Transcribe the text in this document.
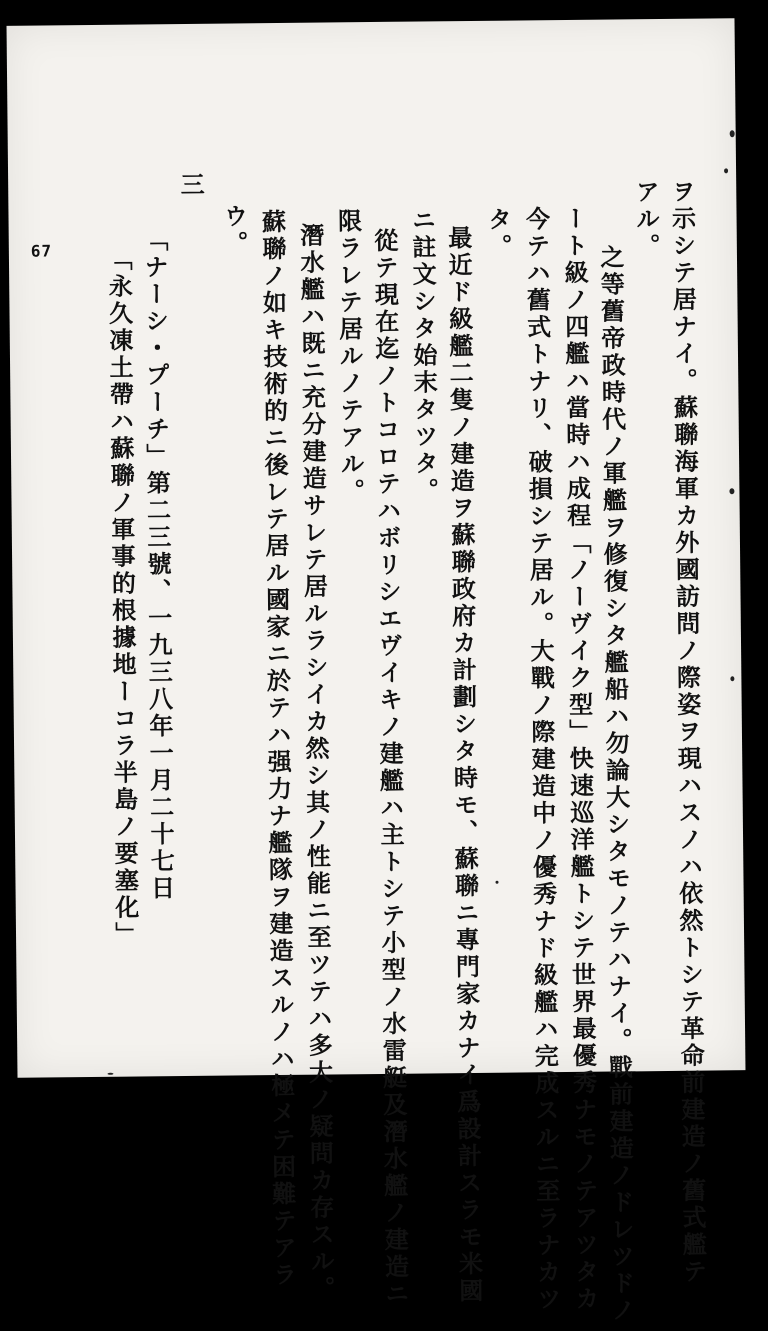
67	ヲ示シテ居ナイ。蘇聯海軍カ外國訪問ノ際姿ヲ現ハスノハ依然トシテ革命前建造ノ舊式艦テ
アル。
之等舊帝政時代ノ軍艦ヲ修復シタ艦船ハ勿論大シタモノテハナイ。戰前建造ノドレツドノ
ート級ノ四艦ハ當時ハ成程「ノーヴイク型」快速巡洋艦トシテ世界最優秀ナモノテアツタカ
今テハ舊式トナリ、破損シテ居ル。大戰ノ際建造中ノ優秀ナド級艦ハ完成スルニ至ラナカツ
タ。
最近ド級艦二隻ノ建造ヲ蘇聯政府カ計劃シタ時モ、蘇聯ニ專門家カナイ爲設計スラモ米國
ニ註文シタ始末タツタ。
從テ現在迄ノトコロテハボリシエヴイキノ建艦ハ主トシテ小型ノ水雷艇及潛水艦ノ建造ニ
限ラレテ居ルノテアル。
潛水艦ハ既ニ充分建造サレテ居ルラシイカ然シ其ノ性能ニ至ツテハ多大ノ疑問カ存スル。
蘇聯ノ如キ技術的ニ後レテ居ル國家ニ於テハ强力ナ艦隊ヲ建造スルノハ極メテ困難テアラ
ウ。
三
「ナーシ・プーチ」第二三號、一九三八年一月二十七日
「永久凍土帶ハ蘇聯ノ軍事的根據地ーコラ半島ノ要塞化」
